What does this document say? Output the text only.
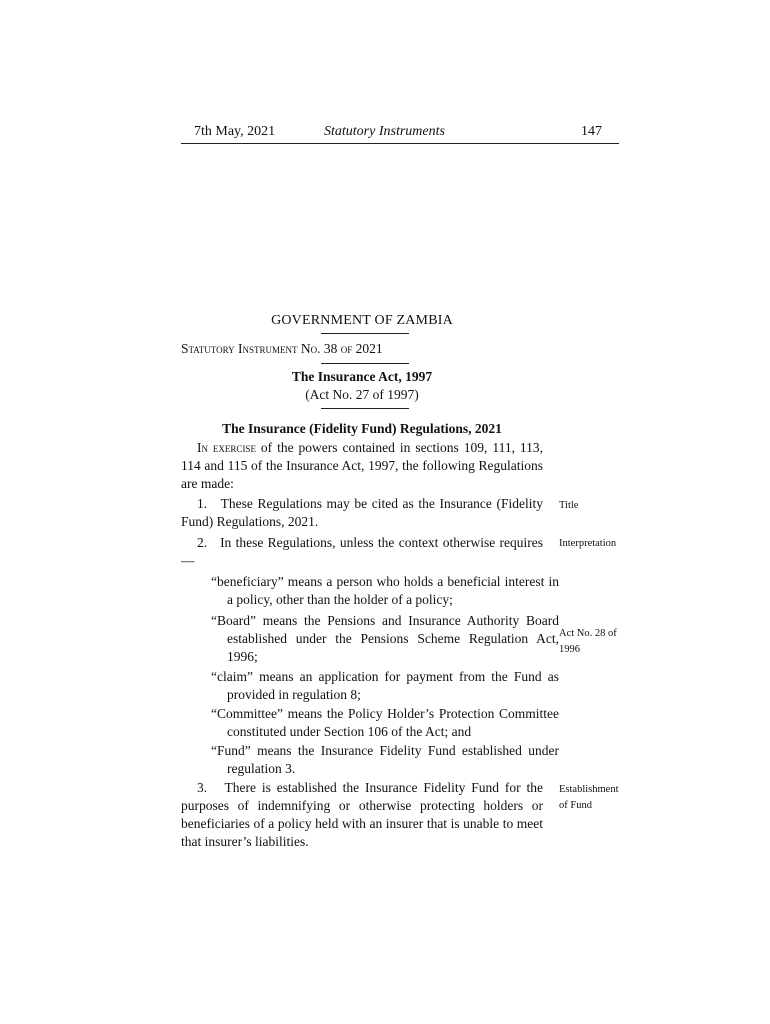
7th May, 2021	Statutory Instruments	147
GOVERNMENT OF ZAMBIA
Statutory Instrument No. 38 of 2021
The Insurance Act, 1997
(Act No. 27 of 1997)
The Insurance (Fidelity Fund) Regulations, 2021
In exercise of the powers contained in sections 109, 111, 113, 114 and 115 of the Insurance Act, 1997, the following Regulations are made:
1. These Regulations may be cited as the Insurance (Fidelity Fund) Regulations, 2021.
Title
2. In these Regulations, unless the context otherwise requires —
Interpretation
“beneficiary” means a person who holds a beneficial interest in a policy, other than the holder of a policy;
“Board” means the Pensions and Insurance Authority Board established under the Pensions Scheme Regulation Act, 1996;
Act No. 28 of 1996
“claim” means an application for payment from the Fund as provided in regulation 8;
“Committee” means the Policy Holder’s Protection Committee constituted under Section 106 of the Act; and
“Fund” means the Insurance Fidelity Fund established under regulation 3.
3. There is established the Insurance Fidelity Fund for the purposes of indemnifying or otherwise protecting holders or beneficiaries of a policy held with an insurer that is unable to meet that insurer’s liabilities.
Establishment of Fund
